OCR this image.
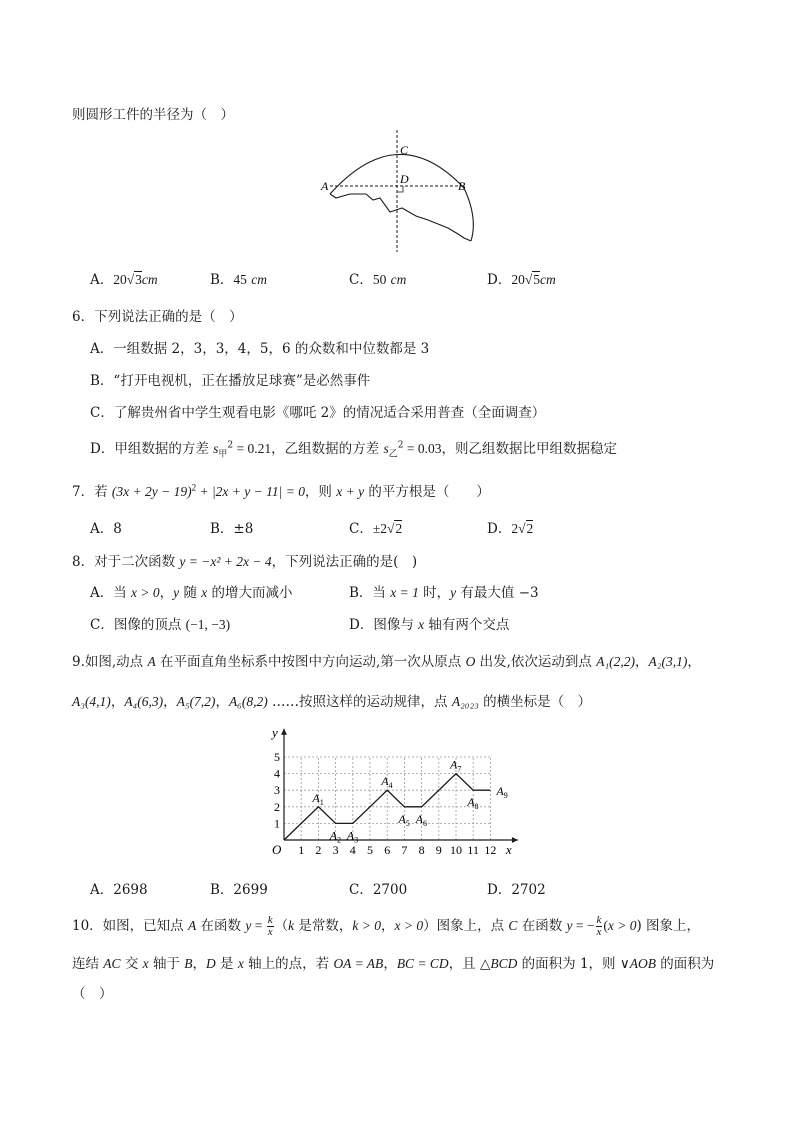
则圆形工件的半径为（　）
C
D
A	B
A．20√3cm	B．45 cm	C．50 cm	D．20√5cm
6．下列说法正确的是（　）
A．一组数据 2，3，3，4，5，6 的众数和中位数都是 3
B．“打开电视机，正在播放足球赛”是必然事件
C．了解贵州省中学生观看电影《哪吒 2》的情况适合采用普查（全面调查）
D．甲组数据的方差 $s_甲^2 = 0.21$，乙组数据的方差 $s_乙^2 = 0.03$，则乙组数据比甲组数据稳定
7．若 $(3x + 2y - 19)^2 + |2x + y - 11| = 0$，则 x + y 的平方根是（　　）
A．8	B．±8	C．±2√2	D．2√2
8．对于二次函数 y = −x² + 2x − 4，下列说法正确的是(　)
A．当 x > 0，y 随 x 的增大而减小	B．当 x = 1 时，y 有最大值 −3
C．图像的顶点 (−1, −3)	D．图像与 x 轴有两个交点
9.如图,动点 A 在平面直角坐标系中按图中方向运动,第一次从原点 O 出发,依次运动到点 A₁(2,2)，A₂(3,1)，
A₃(4,1)，A₄(6,3)，A₅(7,2)，A₆(8,2) ……按照这样的运动规律，点 A₂₀₂₃ 的横坐标是（　）
1 2 3 4 5 6 7 8 9 10 11 12
1
2
3
4
5
O
y
x
$A_1$
$A_2$ $A_3$
$A_4$
$A_5$ $A_6$
$A_7$
$A_8$
$A_9$
A．2698	B．2699	C．2700	D．2702
10．如图，已知点 A 在函数 $y = \frac{k}{x} (k$ 是常数，k > 0，x > 0）图象上，点 C 在函数 y = − $\frac{k}{x} (x > 0)$ 图象上，
连结 AC 交 x 轴于 B，D 是 x 轴上的点，若 OA = AB，BC = CD，且 △BCD 的面积为 1，则 ∨AOB 的面积为
（　）
